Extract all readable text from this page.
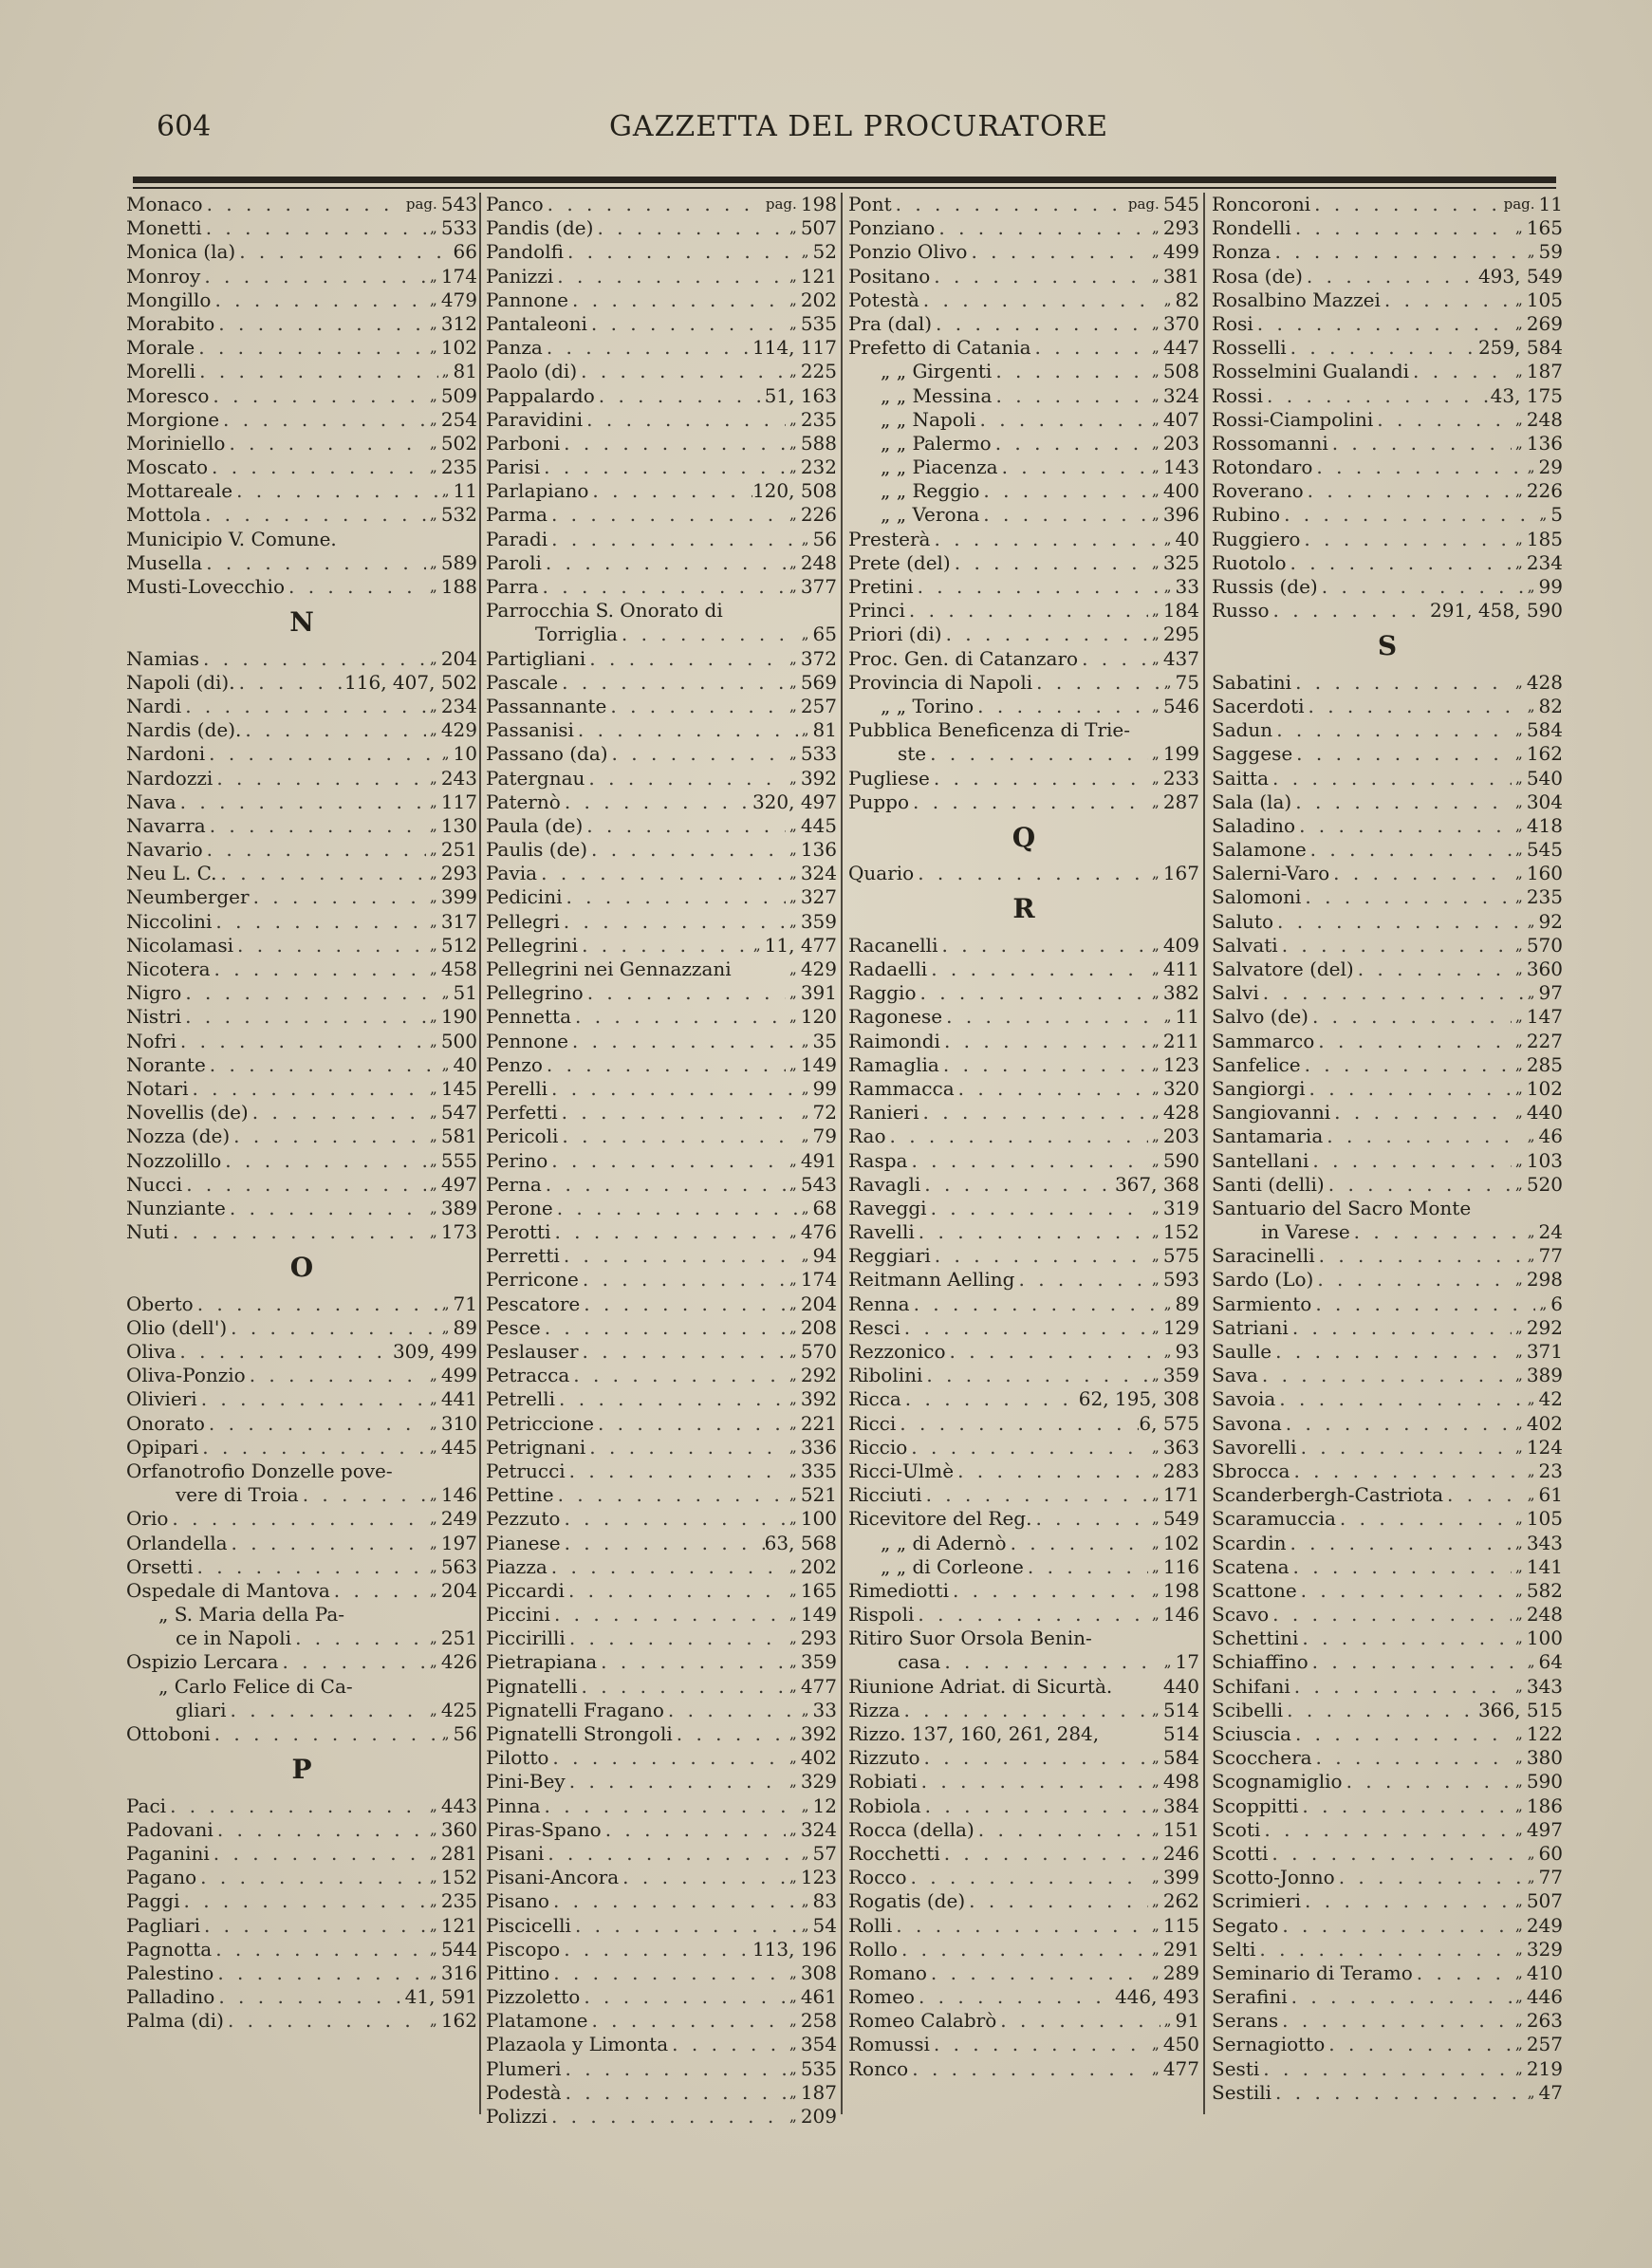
604	GAZZETTA DEL PROCURATORE
Monaco . . .	pag. 543
Monetti . . .	„ 533
Monica (la) . . .	66
Monroy . . .	„ 174
Mongillo . . .	„ 479
Morabito . . .	„ 312
Morale . . .	„ 102
Morelli . . .	„ 81
Moresco . . .	„ 509
Morgione . . .	„ 254
Moriniello . . .	„ 502
Moscato . . .	„ 235
Mottareale . . .	„ 11
Mottola . . .	„ 532
Municipio V. Comune.
Musella . . .	„ 589
Musti-Lovecchio . . .	„ 188
N
Namias . . .	„ 204
Napoli (di). . . .	116, 407, 502
Nardi . . .	„ 234
Nardis (de). . . .	„ 429
Nardoni . . .	„ 10
Nardozzi . . .	„ 243
Nava . . .	„ 117
Navarra . . .	„ 130
Navario . . .	„ 251
Neu L. C. . . .	„ 293
Neumberger . . .	„ 399
Niccolini . . .	„ 317
Nicolamasi . . .	„ 512
Nicotera . . .	„ 458
Nigro . . .	„ 51
Nistri . . .	„ 190
Nofri . . .	„ 500
Norante . . .	„ 40
Notari . . .	„ 145
Novellis (de) . . .	„ 547
Nozza (de) . . .	„ 581
Nozzolillo . . .	„ 555
Nucci . . .	„ 497
Nunziante . . .	„ 389
Nuti . . .	„ 173
O
Oberto . . .	„ 71
Olio (dell') . . .	„ 89
Oliva . . .	309, 499
Oliva-Ponzio . . .	„ 499
Olivieri . . .	„ 441
Onorato . . .	„ 310
Opipari . . .	„ 445
Orfanotrofio Donzelle pove-
vere di Troia . . .	„ 146
Orio . . .	„ 249
Orlandella . . .	„ 197
Orsetti . . .	„ 563
Ospedale di Mantova . . .	„ 204
„ S. Maria della Pa-
ce in Napoli . . .	„ 251
Ospizio Lercara . . .	„ 426
„ Carlo Felice di Ca-
gliari . . .	„ 425
Ottoboni . . .	„ 56
P
Paci . . .	„ 443
Padovani . . .	„ 360
Paganini . . .	„ 281
Pagano . . .	„ 152
Paggi . . .	„ 235
Pagliari . . .	„ 121
Pagnotta . . .	„ 544
Palestino . . .	„ 316
Palladino . . .	41, 591
Palma (di) . . .	„ 162
Panco . . .	pag. 198
Pandis (de) . . .	„ 507
Pandolfi . . .	„ 52
Panizzi . . .	„ 121
Pannone . . .	„ 202
Pantaleoni . . .	„ 535
Panza . . .	114, 117
Paolo (di) . . .	„ 225
Pappalardo . . .	51, 163
Paravidini . . .	„ 235
Parboni . . .	„ 588
Parisi . . .	„ 232
Parlapiano . . .	120, 508
Parma . . .	„ 226
Paradi . . .	„ 56
Paroli . . .	„ 248
Parra . . .	„ 377
Parrocchia S. Onorato di
Torriglia . . .	„ 65
Partigliani . . .	„ 372
Pascale . . .	„ 569
Passannante . . .	„ 257
Passanisi . . .	„ 81
Passano (da) . . .	„ 533
Patergnau . . .	„ 392
Paternò . . .	320, 497
Paula (de) . . .	„ 445
Paulis (de) . . .	„ 136
Pavia . . .	„ 324
Pedicini . . .	„ 327
Pellegri . . .	„ 359
Pellegrini . . .	„ 11, 477
Pellegrini nei Gennazzani	„ 429
Pellegrino . . .	„ 391
Pennetta . . .	„ 120
Pennone . . .	„ 35
Penzo . . .	„ 149
Perelli . . .	„ 99
Perfetti . . .	„ 72
Pericoli . . .	„ 79
Perino . . .	„ 491
Perna . . .	„ 543
Perone . . .	„ 68
Perotti . . .	„ 476
Perretti . . .	„ 94
Perricone . . .	„ 174
Pescatore . . .	„ 204
Pesce . . .	„ 208
Peslauser . . .	„ 570
Petracca . . .	„ 292
Petrelli . . .	„ 392
Petriccione . . .	„ 221
Petrignani . . .	„ 336
Petrucci . . .	„ 335
Pettine . . .	„ 521
Pezzuto . . .	„ 100
Pianese . . .	63, 568
Piazza . . .	„ 202
Piccardi . . .	„ 165
Piccini . . .	„ 149
Piccirilli . . .	„ 293
Pietrapiana . . .	„ 359
Pignatelli . . .	„ 477
Pignatelli Fragano . . .	„ 33
Pignatelli Strongoli . . .	„ 392
Pilotto . . .	„ 402
Pini-Bey . . .	„ 329
Pinna . . .	„ 12
Piras-Spano . . .	„ 324
Pisani . . .	„ 57
Pisani-Ancora . . .	„ 123
Pisano . . .	„ 83
Piscicelli . . .	„ 54
Piscopo . . .	113, 196
Pittino . . .	„ 308
Pizzoletto . . .	„ 461
Platamone . . .	„ 258
Plazaola y Limonta . . .	„ 354
Plumeri . . .	„ 535
Podestà . . .	„ 187
Polizzi . . .	„ 209
Pont . . .	pag. 545
Ponziano . . .	„ 293
Ponzio Olivo . . .	„ 499
Positano . . .	„ 381
Potestà . . .	„ 82
Pra (dal) . . .	„ 370
Prefetto di Catania . . .	„ 447
„ „ Girgenti . . .	„ 508
„ „ Messina . . .	„ 324
„ „ Napoli . . .	„ 407
„ „ Palermo . . .	„ 203
„ „ Piacenza . . .	„ 143
„ „ Reggio . . .	„ 400
„ „ Verona . . .	„ 396
Presterà . . .	„ 40
Prete (del) . . .	„ 325
Pretini . . .	„ 33
Princi . . .	„ 184
Priori (di) . . .	„ 295
Proc. Gen. di Catanzaro . . .	„ 437
Provincia di Napoli . . .	„ 75
„ „ Torino . . .	„ 546
Pubblica Beneficenza di Trie-
ste . . .	„ 199
Pugliese . . .	„ 233
Puppo . . .	„ 287
Q
Quario . . .	„ 167
R
Racanelli . . .	„ 409
Radaelli . . .	„ 411
Raggio . . .	„ 382
Ragonese . . .	„ 11
Raimondi . . .	„ 211
Ramaglia . . .	„ 123
Rammacca . . .	„ 320
Ranieri . . .	„ 428
Rao . . .	„ 203
Raspa . . .	„ 590
Ravagli . . .	367, 368
Raveggi . . .	„ 319
Ravelli . . .	„ 152
Reggiari . . .	„ 575
Reitmann Aelling . . .	„ 593
Renna . . .	„ 89
Resci . . .	„ 129
Rezzonico . . .	„ 93
Ribolini . . .	„ 359
Ricca . . .	62, 195, 308
Ricci . . .	6, 575
Riccio . . .	„ 363
Ricci-Ulmè . . .	„ 283
Ricciuti . . .	„ 171
Ricevitore del Reg. . . .	„ 549
„ „ di Adernò . . .	„ 102
„ „ di Corleone . . .	„ 116
Rimediotti . . .	„ 198
Rispoli . . .	„ 146
Ritiro Suor Orsola Benin-
casa . . .	„ 17
Riunione Adriat. di Sicurtà.	440
Rizza . . .	„ 514
Rizzo. 137, 160, 261, 284,	514
Rizzuto . . .	„ 584
Robiati . . .	„ 498
Robiola . . .	„ 384
Rocca (della) . . .	„ 151
Rocchetti . . .	„ 246
Rocco . . .	„ 399
Rogatis (de) . . .	„ 262
Rolli . . .	„ 115
Rollo . . .	„ 291
Romano . . .	„ 289
Romeo . . .	446, 493
Romeo Calabrò . . .	„ 91
Romussi . . .	„ 450
Ronco . . .	„ 477
Roncoroni . . .	pag. 11
Rondelli . . .	„ 165
Ronza . . .	„ 59
Rosa (de) . . .	493, 549
Rosalbino Mazzei . . .	„ 105
Rosi . . .	„ 269
Rosselli . . .	259, 584
Rosselmini Gualandi . . .	„ 187
Rossi . . .	43, 175
Rossi-Ciampolini . . .	„ 248
Rossomanni . . .	„ 136
Rotondaro . . .	„ 29
Roverano . . .	„ 226
Rubino . . .	„ 5
Ruggiero . . .	„ 185
Ruotolo . . .	„ 234
Russis (de) . . .	„ 99
Russo . . .	291, 458, 590
S
Sabatini . . .	„ 428
Sacerdoti . . .	„ 82
Sadun . . .	„ 584
Saggese . . .	„ 162
Saitta . . .	„ 540
Sala (la) . . .	„ 304
Saladino . . .	„ 418
Salamone . . .	„ 545
Salerni-Varo . . .	„ 160
Salomoni . . .	„ 235
Saluto . . .	„ 92
Salvati . . .	„ 570
Salvatore (del) . . .	„ 360
Salvi . . .	„ 97
Salvo (de) . . .	„ 147
Sammarco . . .	„ 227
Sanfelice . . .	„ 285
Sangiorgi . . .	„ 102
Sangiovanni . . .	„ 440
Santamaria . . .	„ 46
Santellani . . .	„ 103
Santi (delli) . . .	„ 520
Santuario del Sacro Monte
in Varese . . .	„ 24
Saracinelli . . .	„ 77
Sardo (Lo) . . .	„ 298
Sarmiento . . .	„ 6
Satriani . . .	„ 292
Saulle . . .	„ 371
Sava . . .	„ 389
Savoia . . .	„ 42
Savona . . .	„ 402
Savorelli . . .	„ 124
Sbrocca . . .	„ 23
Scanderbergh-Castriota . . .	„ 61
Scaramuccia . . .	„ 105
Scardin . . .	„ 343
Scatena . . .	„ 141
Scattone . . .	„ 582
Scavo . . .	„ 248
Schettini . . .	„ 100
Schiaffino . . .	„ 64
Schifani . . .	„ 343
Scibelli . . .	366, 515
Sciuscia . . .	„ 122
Scocchera . . .	„ 380
Scognamiglio . . .	„ 590
Scoppitti . . .	„ 186
Scoti . . .	„ 497
Scotti . . .	„ 60
Scotto-Jonno . . .	„ 77
Scrimieri . . .	„ 507
Segato . . .	„ 249
Selti . . .	„ 329
Seminario di Teramo . . .	„ 410
Serafini . . .	„ 446
Serans . . .	„ 263
Sernagiotto . . .	„ 257
Sesti . . .	„ 219
Sestili . . .	„ 47
